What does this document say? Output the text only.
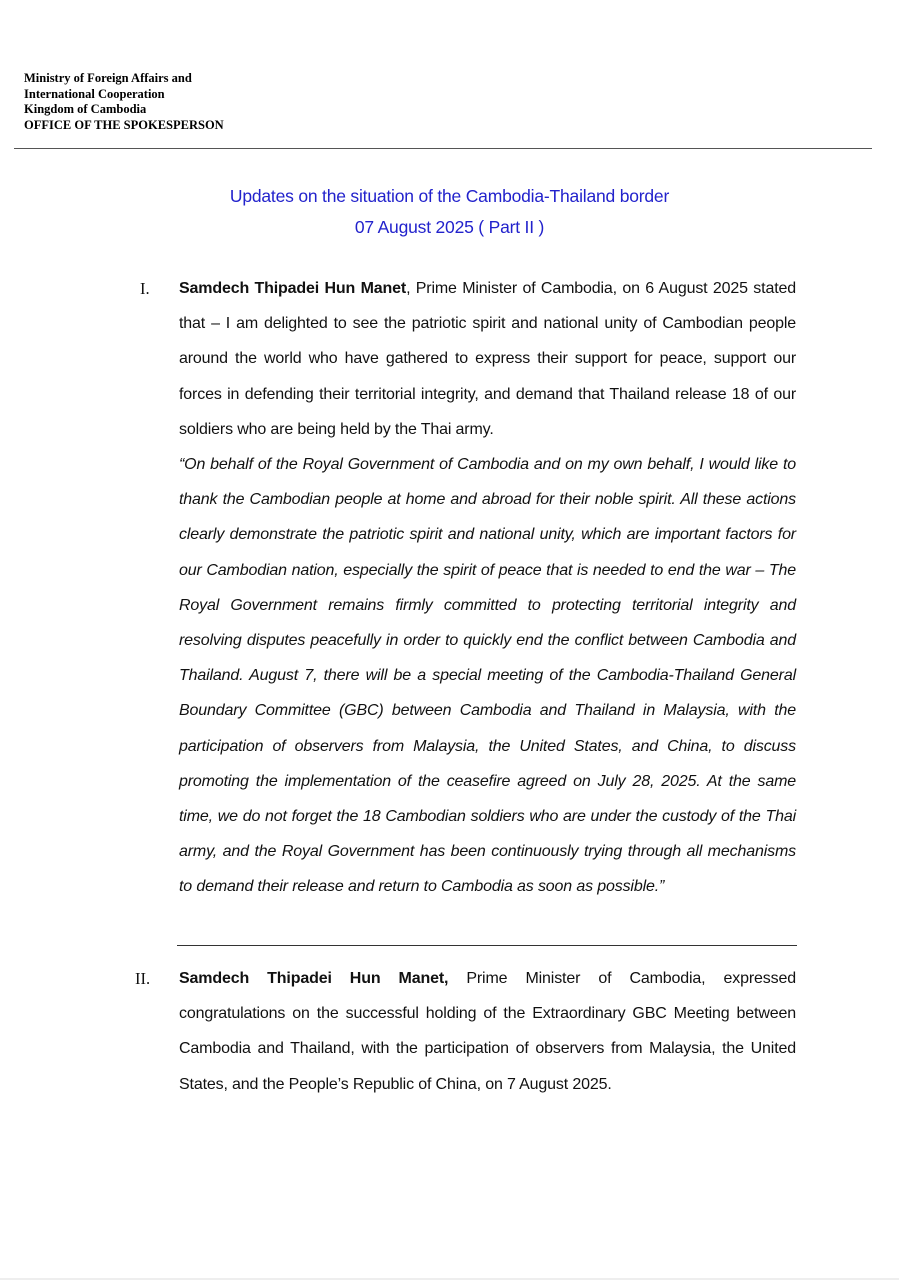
Ministry of Foreign Affairs and
International Cooperation
Kingdom of Cambodia
OFFICE OF THE SPOKESPERSON
Updates on the situation of the Cambodia-Thailand border
07 August 2025 ( Part II )
I. Samdech Thipadei Hun Manet, Prime Minister of Cambodia, on 6 August 2025 stated that – I am delighted to see the patriotic spirit and national unity of Cambodian people around the world who have gathered to express their support for peace, support our forces in defending their territorial integrity, and demand that Thailand release 18 of our soldiers who are being held by the Thai army.
“On behalf of the Royal Government of Cambodia and on my own behalf, I would like to thank the Cambodian people at home and abroad for their noble spirit. All these actions clearly demonstrate the patriotic spirit and national unity, which are important factors for our Cambodian nation, especially the spirit of peace that is needed to end the war – The Royal Government remains firmly committed to protecting territorial integrity and resolving disputes peacefully in order to quickly end the conflict between Cambodia and Thailand. August 7, there will be a special meeting of the Cambodia-Thailand General Boundary Committee (GBC) between Cambodia and Thailand in Malaysia, with the participation of observers from Malaysia, the United States, and China, to discuss promoting the implementation of the ceasefire agreed on July 28, 2025. At the same time, we do not forget the 18 Cambodian soldiers who are under the custody of the Thai army, and the Royal Government has been continuously trying through all mechanisms to demand their release and return to Cambodia as soon as possible.”
II. Samdech Thipadei Hun Manet, Prime Minister of Cambodia, expressed congratulations on the successful holding of the Extraordinary GBC Meeting between Cambodia and Thailand, with the participation of observers from Malaysia, the United States, and the People’s Republic of China, on 7 August 2025.
